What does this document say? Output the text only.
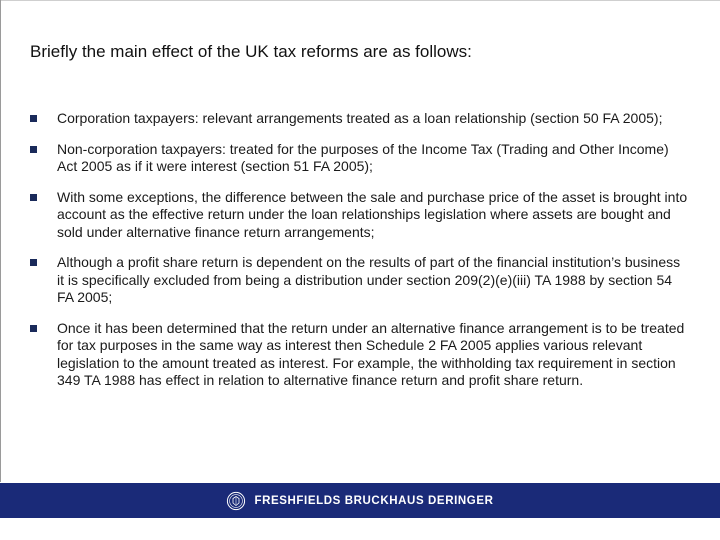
Briefly the main effect of the UK tax reforms are as follows:
Corporation taxpayers: relevant arrangements treated as a loan relationship (section 50 FA 2005);
Non-corporation taxpayers: treated for the purposes of the Income Tax (Trading and Other Income) Act 2005 as if it were interest (section 51 FA 2005);
With some exceptions, the difference between the sale and purchase price of the asset is brought into account as the effective return under the loan relationships legislation where assets are bought and sold under alternative finance return arrangements;
Although a profit share return is dependent on the results of part of the financial institution’s business it is specifically excluded from being a distribution under section 209(2)(e)(iii) TA 1988 by section 54 FA 2005;
Once it has been determined that the return under an alternative finance arrangement is to be treated for tax purposes in the same way as interest then Schedule 2 FA 2005 applies various relevant legislation to the amount treated as interest. For example, the withholding tax requirement in section 349 TA 1988 has effect in relation to alternative finance return and profit share return.
FRESHFIELDS BRUCKHAUS DERINGER
